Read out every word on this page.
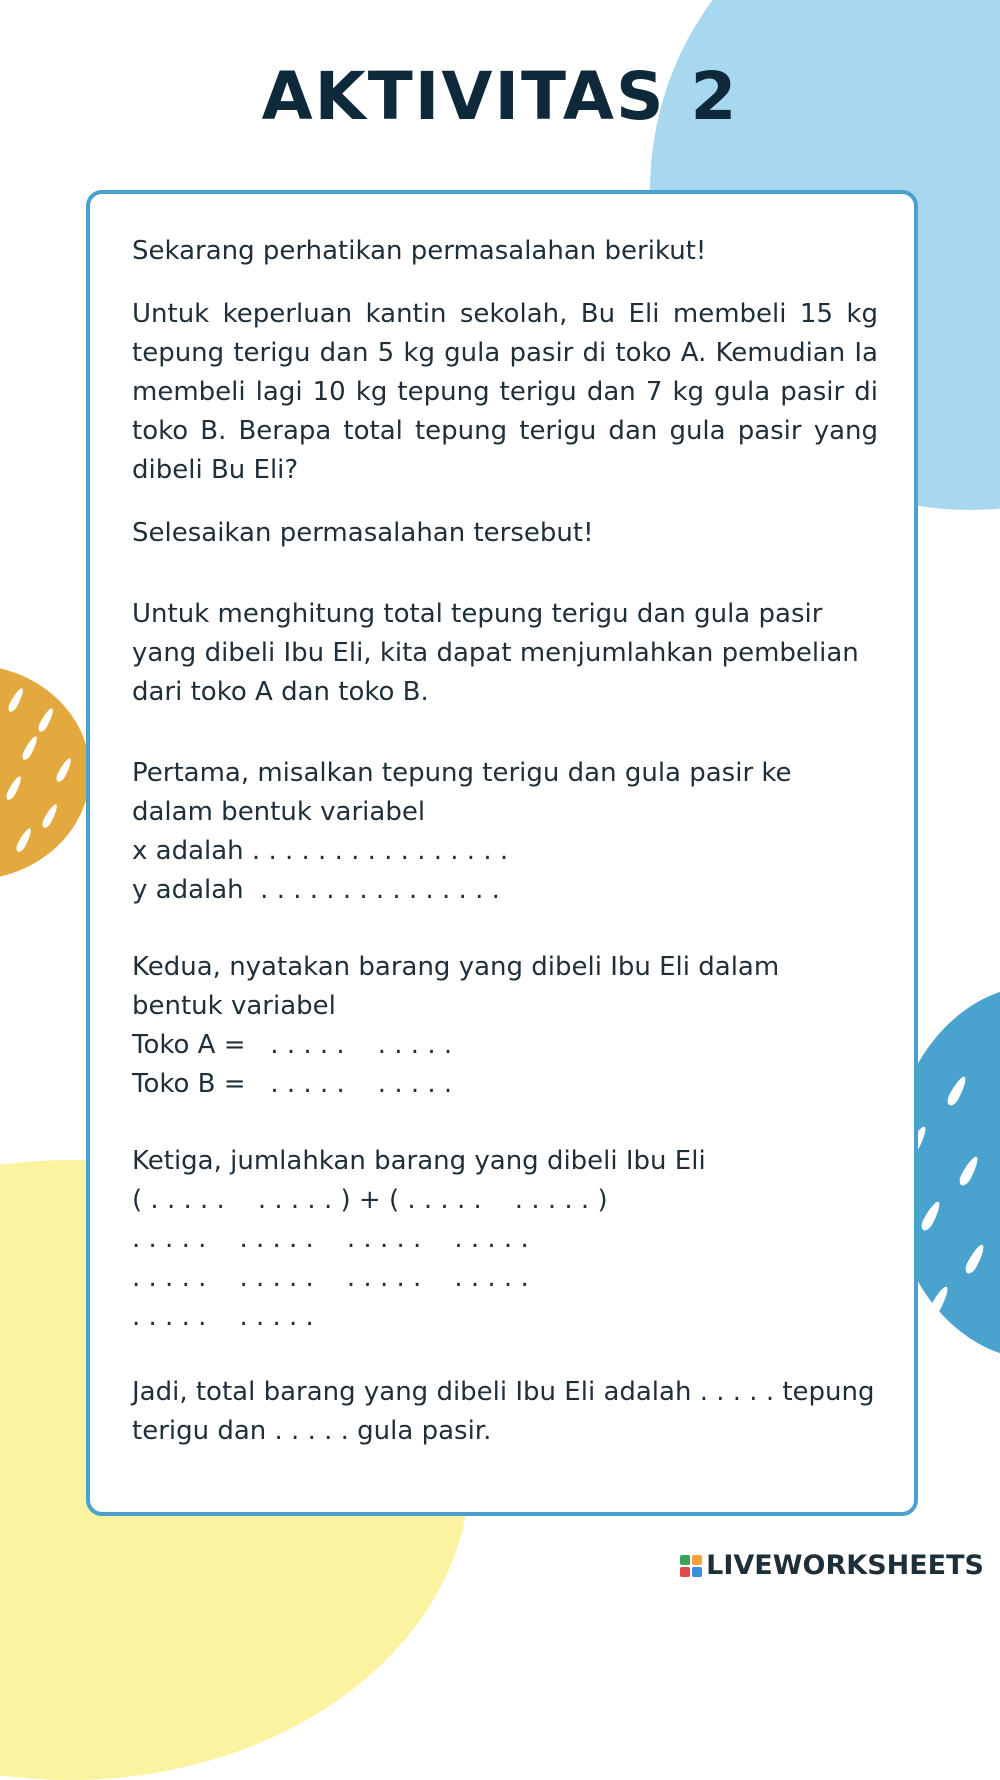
AKTIVITAS 2

Sekarang perhatikan permasalahan berikut!

Untuk keperluan kantin sekolah, Bu Eli membeli 15 kg tepung terigu dan 5 kg gula pasir di toko A. Kemudian Ia membeli lagi 10 kg tepung terigu dan 7 kg gula pasir di toko B. Berapa total tepung terigu dan gula pasir yang dibeli Bu Eli?

Selesaikan permasalahan tersebut!

Untuk menghitung total tepung terigu dan gula pasir yang dibeli Ibu Eli, kita dapat menjumlahkan pembelian dari toko A dan toko B.

Pertama, misalkan tepung terigu dan gula pasir ke dalam bentuk variabel

x adalah . . . . . . . . . . . . . . . .

y adalah  . . . . . . . . . . . . . . .

Kedua, nyatakan barang yang dibeli Ibu Eli dalam bentuk variabel

Toko A =   . . . . .    . . . . .

Toko B =   . . . . .    . . . . .

Ketiga, jumlahkan barang yang dibeli Ibu Eli

( . . . . .    . . . . . ) + ( . . . . .    . . . . . )

. . . . .    . . . . .    . . . . .    . . . . .

. . . . .    . . . . .    . . . . .    . . . . .

. . . . .    . . . . .

Jadi, total barang yang dibeli Ibu Eli adalah . . . . . tepung terigu dan . . . . . gula pasir.

LIVEWORKSHEETS
